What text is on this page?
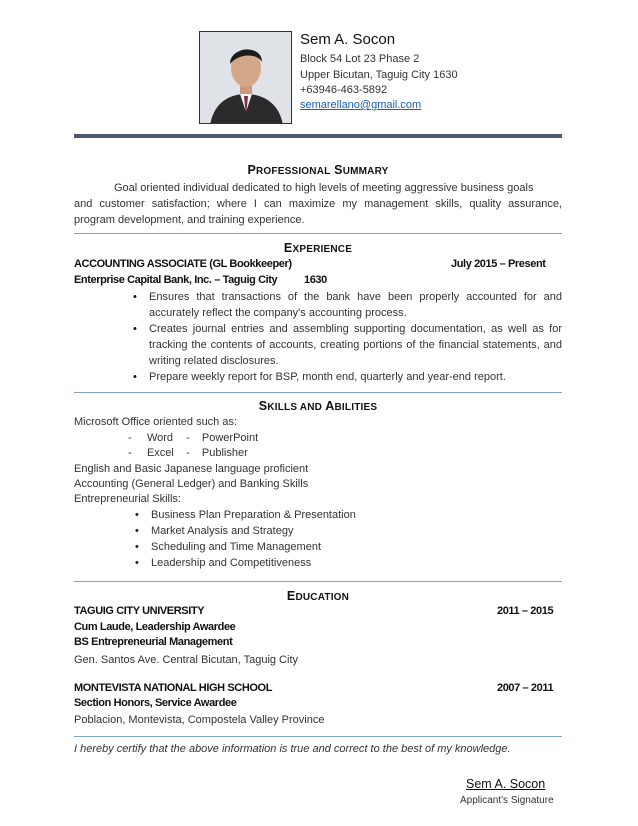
Sem A. Socon
Block 54 Lot 23 Phase 2
Upper Bicutan, Taguig City 1630
+63946-463-5892
semarellano@gmail.com
PROFESSIONAL SUMMARY
Goal oriented individual dedicated to high levels of meeting aggressive business goals
and customer satisfaction; where I can maximize my management skills, quality assurance,
program development, and training experience.
EXPERIENCE
ACCOUNTING ASSOCIATE (GL Bookkeeper)	July 2015 – Present
Enterprise Capital Bank, Inc. – Taguig City 1630
• Ensures that transactions of the bank have been properly accounted for and accurately reflect the company's accounting process.
• Creates journal entries and assembling supporting documentation, as well as for tracking the contents of accounts, creating portions of the financial statements, and writing related disclosures.
• Prepare weekly report for BSP, month end, quarterly and year-end report.
SKILLS AND ABILITIES
Microsoft Office oriented such as:
-     Word -    PowerPoint
-     Excel -    Publisher
English and Basic Japanese language proficient
Accounting (General Ledger) and Banking Skills
Entrepreneurial Skills:
• Business Plan Preparation & Presentation
• Market Analysis and Strategy
• Scheduling and Time Management
• Leadership and Competitiveness
EDUCATION
TAGUIG CITY UNIVERSITY	2011 – 2015
Cum Laude, Leadership Awardee
BS Entrepreneurial Management
Gen. Santos Ave. Central Bicutan, Taguig City
MONTEVISTA NATIONAL HIGH SCHOOL	2007 – 2011
Section Honors, Service Awardee
Poblacion, Montevista, Compostela Valley Province
I hereby certify that the above information is true and correct to the best of my knowledge.
Sem A. Socon
Applicant's Signature
